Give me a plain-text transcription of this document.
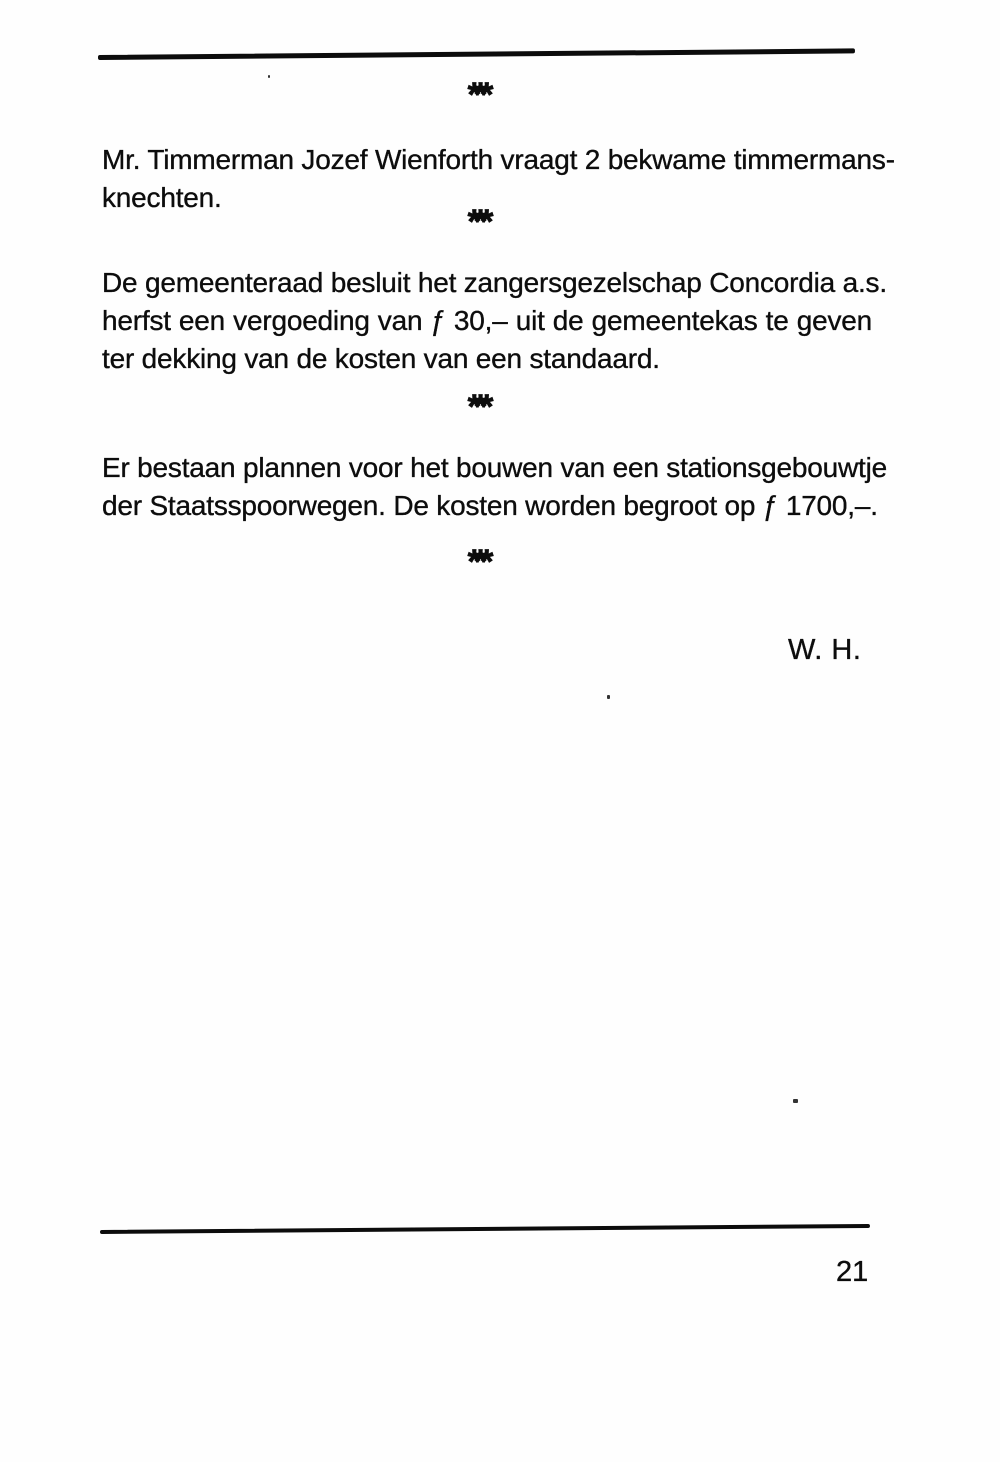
***
Mr. Timmerman Jozef Wienforth vraagt 2 bekwame timmermans-
knechten.
***
De gemeenteraad besluit het zangersgezelschap Concordia a.s.
herfst een vergoeding van ƒ 30,– uit de gemeentekas te geven
ter dekking van de kosten van een standaard.
***
Er bestaan plannen voor het bouwen van een stationsgebouwtje
der Staatsspoorwegen. De kosten worden begroot op ƒ 1700,–.
***
W. H.
21
